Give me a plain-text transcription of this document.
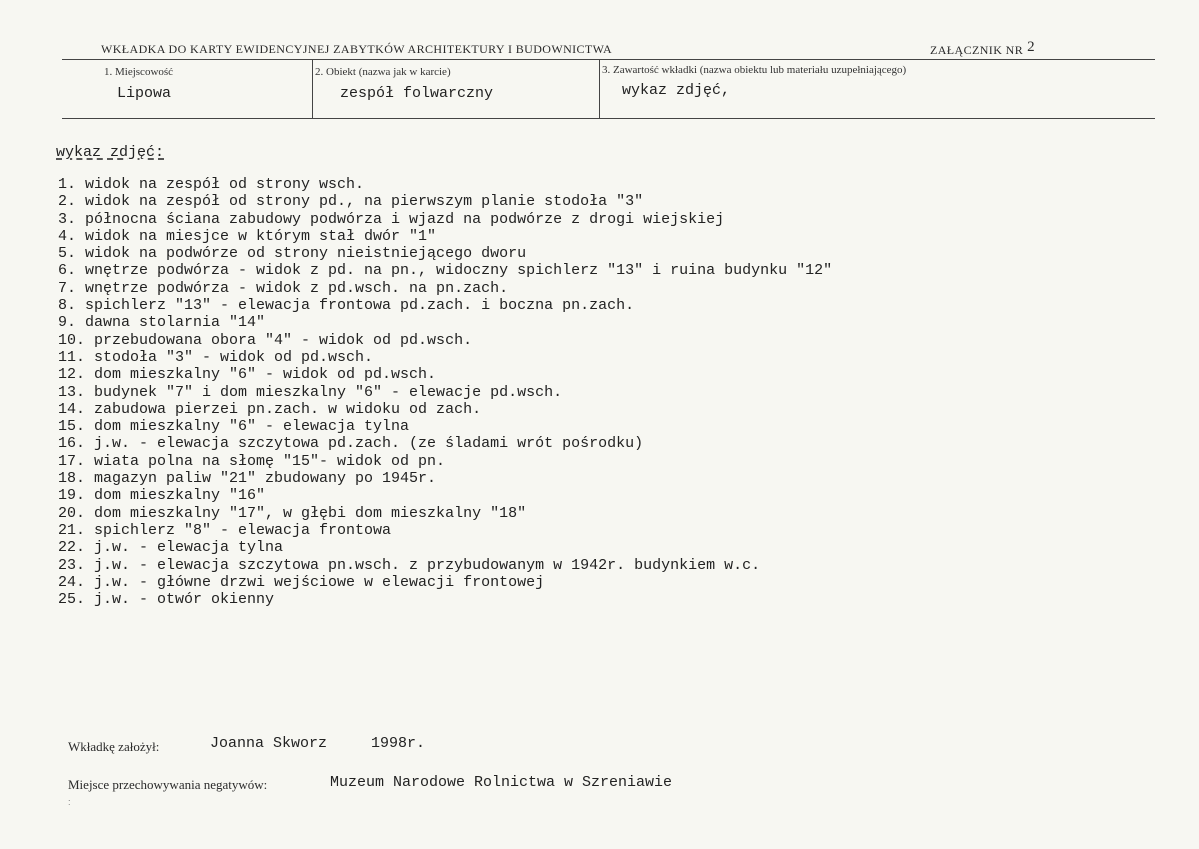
WKŁADKA DO KARTY EWIDENCYJNEJ ZABYTKÓW ARCHITEKTURY I BUDOWNICTWA	ZAŁĄCZNIK NR 2
1. Miejscowość
Lipowa
2. Obiekt (nazwa jak w karcie)
zespół folwarczny
3. Zawartość wkładki (nazwa obiektu lub materiału uzupełniającego)
wykaz zdjęć,
wykaz zdjęć:
1. widok na zespół od strony wsch.
2. widok na zespół od strony pd., na pierwszym planie stodoła "3"
3. północna ściana zabudowy podwórza i wjazd na podwórze z drogi wiejskiej
4. widok na miesjce w którym stał dwór "1"
5. widok na podwórze od strony nieistniejącego dworu
6. wnętrze podwórza - widok z pd. na pn., widoczny spichlerz "13" i ruina budynku "12"
7. wnętrze podwórza - widok z pd.wsch. na pn.zach.
8. spichlerz "13" - elewacja frontowa pd.zach. i boczna pn.zach.
9. dawna stolarnia "14"
10. przebudowana obora "4" - widok od pd.wsch.
11. stodoła "3" - widok od pd.wsch.
12. dom mieszkalny "6" - widok od pd.wsch.
13. budynek "7" i dom mieszkalny "6" - elewacje pd.wsch.
14. zabudowa pierzei pn.zach. w widoku od zach.
15. dom mieszkalny "6" - elewacja tylna
16. j.w. - elewacja szczytowa pd.zach. (ze śladami wrót pośrodku)
17. wiata polna na słomę "15"- widok od pn.
18. magazyn paliw "21" zbudowany po 1945r.
19. dom mieszkalny "16"
20. dom mieszkalny "17", w głębi dom mieszkalny "18"
21. spichlerz "8" - elewacja frontowa
22. j.w. - elewacja tylna
23. j.w. - elewacja szczytowa pn.wsch. z przybudowanym w 1942r. budynkiem w.c.
24. j.w. - główne drzwi wejściowe w elewacji frontowej
25. j.w. - otwór okienny
Wkładkę założył:	Joanna Skworz	1998r.
Miejsce przechowywania negatywów:	Muzeum Narodowe Rolnictwa w Szreniawie
:
